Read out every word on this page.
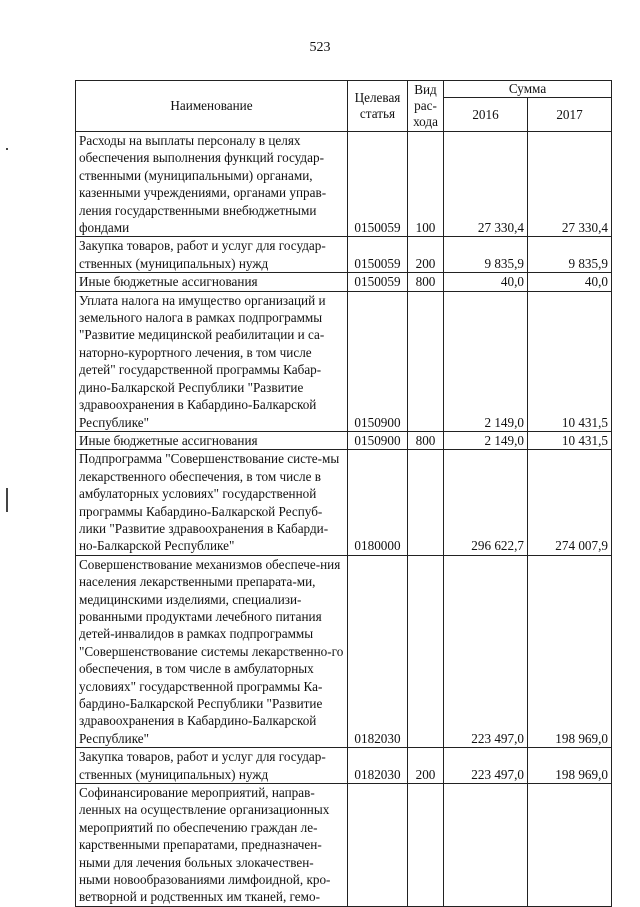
523
Наименование	Целевая статья	Вид рас-хода	Сумма	
			2016	2017
Расходы на выплаты персоналу в целях обеспечения выполнения функций государ-ственными (муниципальными) органами, казенными учреждениями, органами управ-ления государственными внебюджетными фондами	0150059	100	27 330,4	27 330,4
Закупка товаров, работ и услуг для государ-ственных (муниципальных) нужд	0150059	200	9 835,9	9 835,9
Иные бюджетные ассигнования	0150059	800	40,0	40,0
Уплата налога на имущество организаций и земельного налога в рамках подпрограммы "Развитие медицинской реабилитации и са-наторно-курортного лечения, в том числе детей" государственной программы Кабар-дино-Балкарской Республики "Развитие здравоохранения в Кабардино-Балкарской Республике"	0150900		2 149,0	10 431,5
Иные бюджетные ассигнования	0150900	800	2 149,0	10 431,5
Подпрограмма "Совершенствование систе-мы лекарственного обеспечения, в том числе в амбулаторных условиях" государственной программы Кабардино-Балкарской Респуб-лики "Развитие здравоохранения в Кабарди-но-Балкарской Республике"	0180000		296 622,7	274 007,9
Совершенствование механизмов обеспече-ния населения лекарственными препарата-ми, медицинскими изделиями, специализи-рованными продуктами лечебного питания детей-инвалидов в рамках подпрограммы "Совершенствование системы лекарственно-го обеспечения, в том числе в амбулаторных условиях" государственной программы Ка-бардино-Балкарской Республики "Развитие здравоохранения в Кабардино-Балкарской Республике"	0182030		223 497,0	198 969,0
Закупка товаров, работ и услуг для государ-ственных (муниципальных) нужд	0182030	200	223 497,0	198 969,0
Софинансирование мероприятий, направ-ленных на осуществление организационных мероприятий по обеспечению граждан ле-карственными препаратами, предназначен-ными для лечения больных злокачествен-ными новообразованиями лимфоидной, кро-ветворной и родственных им тканей, гемо-				
